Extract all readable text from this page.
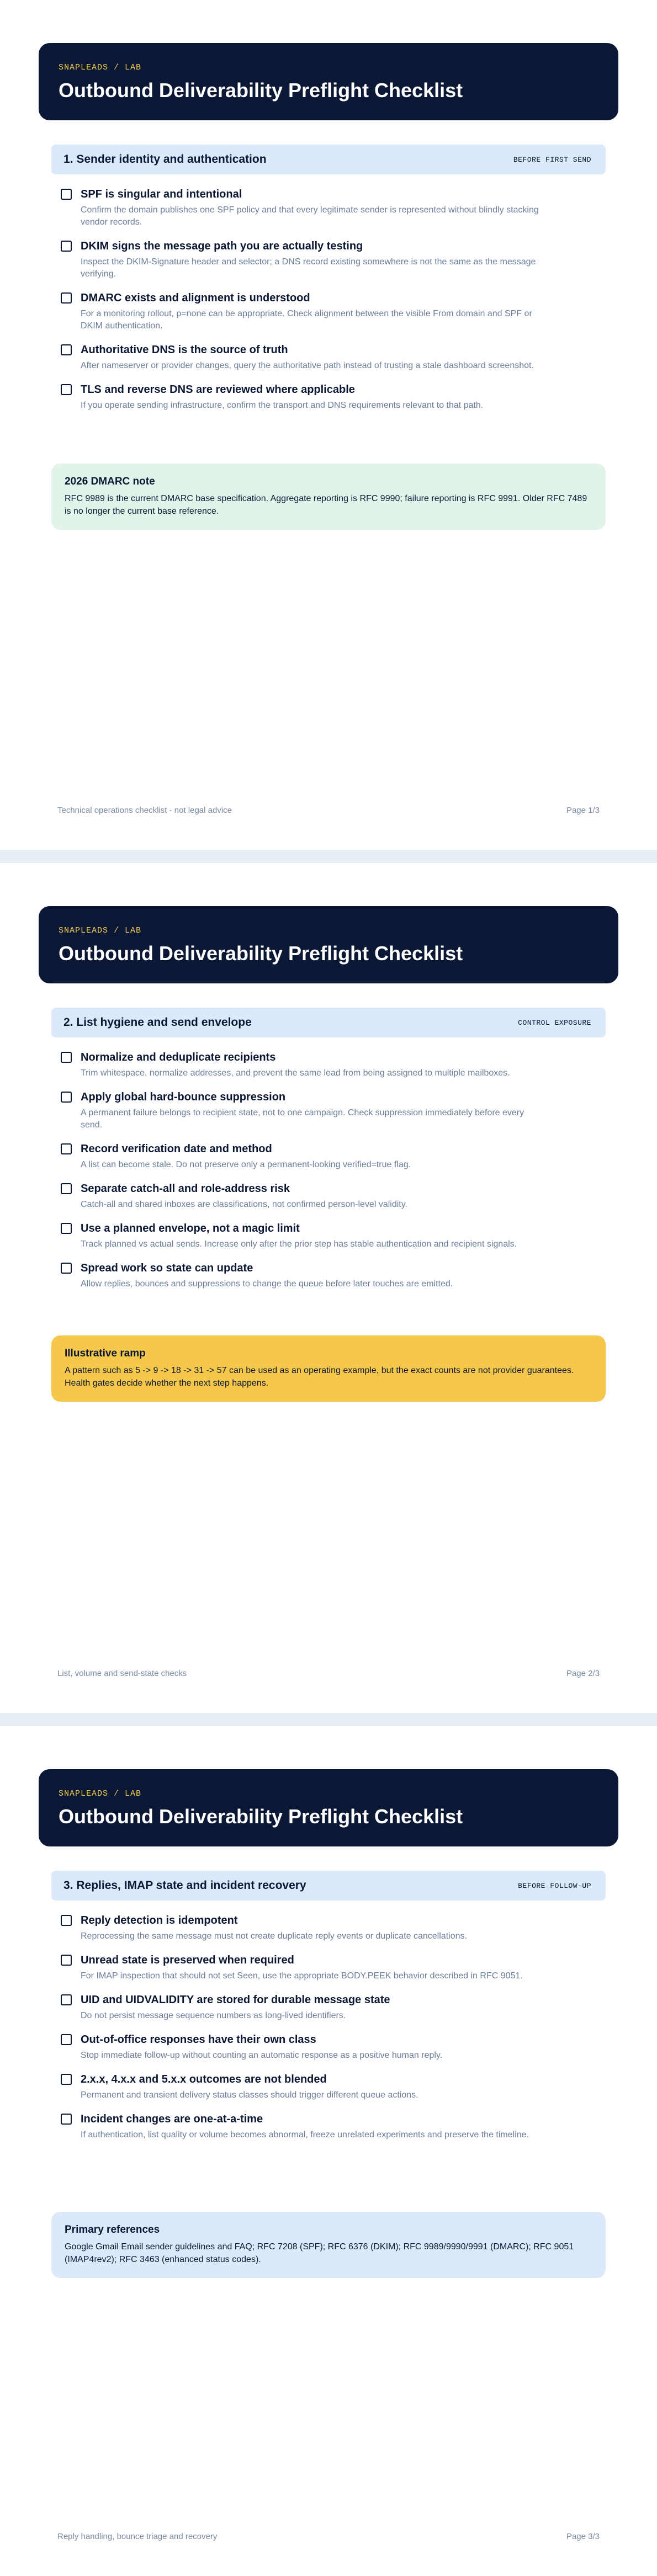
SNAPLEADS / LAB
Outbound Deliverability Preflight Checklist
1. Sender identity and authentication	BEFORE FIRST SEND
SPF is singular and intentional
Confirm the domain publishes one SPF policy and that every legitimate sender is represented without blindly stacking vendor records.
DKIM signs the message path you are actually testing
Inspect the DKIM-Signature header and selector; a DNS record existing somewhere is not the same as the message verifying.
DMARC exists and alignment is understood
For a monitoring rollout, p=none can be appropriate. Check alignment between the visible From domain and SPF or DKIM authentication.
Authoritative DNS is the source of truth
After nameserver or provider changes, query the authoritative path instead of trusting a stale dashboard screenshot.
TLS and reverse DNS are reviewed where applicable
If you operate sending infrastructure, confirm the transport and DNS requirements relevant to that path.
2026 DMARC note
RFC 9989 is the current DMARC base specification. Aggregate reporting is RFC 9990; failure reporting is RFC 9991. Older RFC 7489 is no longer the current base reference.
Technical operations checklist - not legal advice	Page 1/3
SNAPLEADS / LAB
Outbound Deliverability Preflight Checklist
2. List hygiene and send envelope	CONTROL EXPOSURE
Normalize and deduplicate recipients
Trim whitespace, normalize addresses, and prevent the same lead from being assigned to multiple mailboxes.
Apply global hard-bounce suppression
A permanent failure belongs to recipient state, not to one campaign. Check suppression immediately before every send.
Record verification date and method
A list can become stale. Do not preserve only a permanent-looking verified=true flag.
Separate catch-all and role-address risk
Catch-all and shared inboxes are classifications, not confirmed person-level validity.
Use a planned envelope, not a magic limit
Track planned vs actual sends. Increase only after the prior step has stable authentication and recipient signals.
Spread work so state can update
Allow replies, bounces and suppressions to change the queue before later touches are emitted.
Illustrative ramp
A pattern such as 5 -> 9 -> 18 -> 31 -> 57 can be used as an operating example, but the exact counts are not provider guarantees. Health gates decide whether the next step happens.
List, volume and send-state checks	Page 2/3
SNAPLEADS / LAB
Outbound Deliverability Preflight Checklist
3. Replies, IMAP state and incident recovery	BEFORE FOLLOW-UP
Reply detection is idempotent
Reprocessing the same message must not create duplicate reply events or duplicate cancellations.
Unread state is preserved when required
For IMAP inspection that should not set Seen, use the appropriate BODY.PEEK behavior described in RFC 9051.
UID and UIDVALIDITY are stored for durable message state
Do not persist message sequence numbers as long-lived identifiers.
Out-of-office responses have their own class
Stop immediate follow-up without counting an automatic response as a positive human reply.
2.x.x, 4.x.x and 5.x.x outcomes are not blended
Permanent and transient delivery status classes should trigger different queue actions.
Incident changes are one-at-a-time
If authentication, list quality or volume becomes abnormal, freeze unrelated experiments and preserve the timeline.
Primary references
Google Gmail Email sender guidelines and FAQ; RFC 7208 (SPF); RFC 6376 (DKIM); RFC 9989/9990/9991 (DMARC); RFC 9051 (IMAP4rev2); RFC 3463 (enhanced status codes).
Reply handling, bounce triage and recovery	Page 3/3
